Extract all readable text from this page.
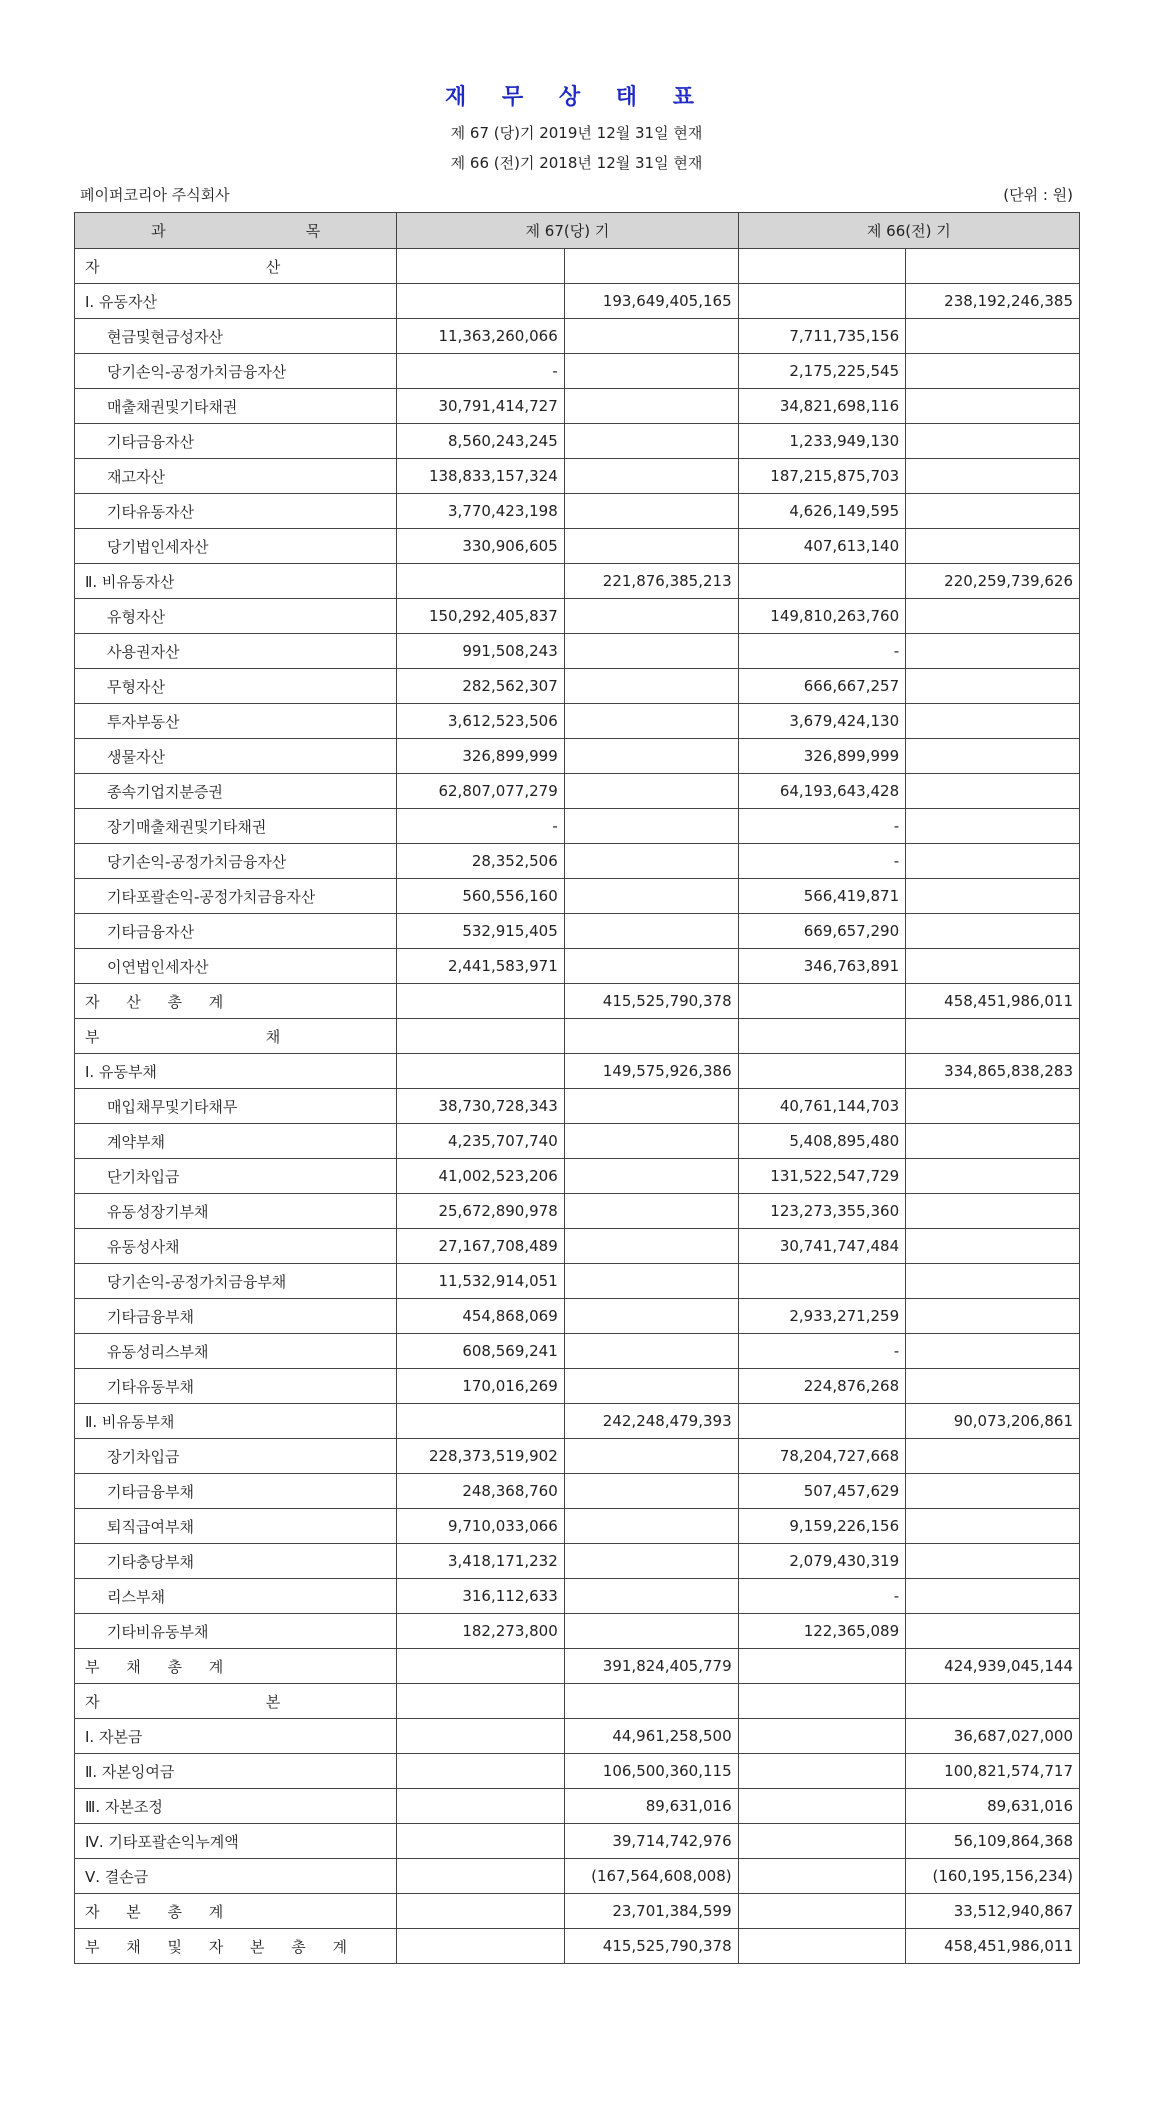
재 무 상 태 표
제 67 (당)기 2019년 12월 31일 현재
제 66 (전)기 2018년 12월 31일 현재
페이퍼코리아 주식회사	(단위 : 원)
과 목	제 67(당) 기		제 66(전) 기	

자 산				

Ⅰ. 유동자산		193,649,405,165		238,192,246,385
현금및현금성자산	11,363,260,066		7,711,735,156	
당기손익-공정가치금융자산	-		2,175,225,545	
매출채권및기타채권	30,791,414,727		34,821,698,116	
기타금융자산	8,560,243,245		1,233,949,130	
재고자산	138,833,157,324		187,215,875,703	
기타유동자산	3,770,423,198		4,626,149,595	
당기법인세자산	330,906,605		407,613,140	
Ⅱ. 비유동자산		221,876,385,213		220,259,739,626
유형자산	150,292,405,837		149,810,263,760	
사용권자산	991,508,243		-	
무형자산	282,562,307		666,667,257	
투자부동산	3,612,523,506		3,679,424,130	
생물자산	326,899,999		326,899,999	
종속기업지분증권	62,807,077,279		64,193,643,428	
장기매출채권및기타채권	-		-	
당기손익-공정가치금융자산	28,352,506		-	
기타포괄손익-공정가치금융자산	560,556,160		566,419,871	
기타금융자산	532,915,405		669,657,290	
이연법인세자산	2,441,583,971		346,763,891	
자 산 총 계		415,525,790,378		458,451,986,011

부 채				

Ⅰ. 유동부채		149,575,926,386		334,865,838,283
매입채무및기타채무	38,730,728,343		40,761,144,703	
계약부채	4,235,707,740		5,408,895,480	
단기차입금	41,002,523,206		131,522,547,729	
유동성장기부채	25,672,890,978		123,273,355,360	
유동성사채	27,167,708,489		30,741,747,484	
당기손익-공정가치금융부채	11,532,914,051			
기타금융부채	454,868,069		2,933,271,259	
유동성리스부채	608,569,241		-	
기타유동부채	170,016,269		224,876,268	
Ⅱ. 비유동부채		242,248,479,393		90,073,206,861
장기차입금	228,373,519,902		78,204,727,668	
기타금융부채	248,368,760		507,457,629	
퇴직급여부채	9,710,033,066		9,159,226,156	
기타충당부채	3,418,171,232		2,079,430,319	
리스부채	316,112,633		-	
기타비유동부채	182,273,800		122,365,089	
부 채 총 계		391,824,405,779		424,939,045,144

자 본				

Ⅰ. 자본금		44,961,258,500		36,687,027,000
Ⅱ. 자본잉여금		106,500,360,115		100,821,574,717
Ⅲ. 자본조정		89,631,016		89,631,016
Ⅳ. 기타포괄손익누계액		39,714,742,976		56,109,864,368
Ⅴ. 결손금		(167,564,608,008)		(160,195,156,234)
자 본 총 계		23,701,384,599		33,512,940,867
부 채 및 자 본 총 계		415,525,790,378		458,451,986,011
